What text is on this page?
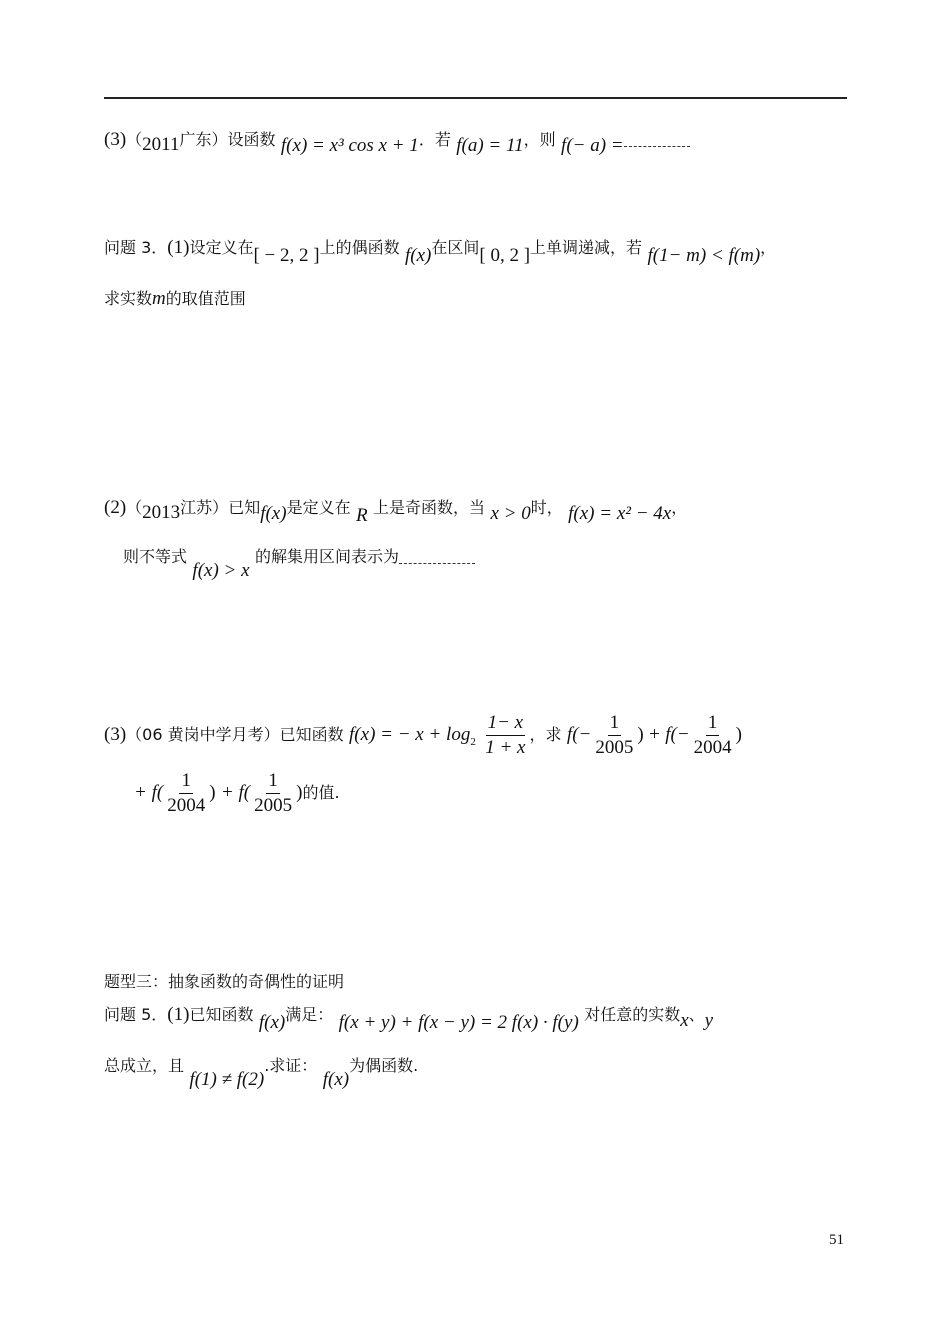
(3)（2011广东）设函数 f(x) = x³ cos x + 1．若 f(a) = 11，则 f(− a) =
问题 3．(1)设定义在[ − 2, 2 ]上的偶函数 f(x)在区间[ 0, 2 ]上单调递减，若 f(1− m) < f(m)，
求实数m的取值范围
(2)（2013江苏）已知f(x)是定义在 R 上是奇函数，当 x > 0时， f(x) = x² − 4x，
则不等式 f(x) > x 的解集用区间表示为
(3)（06 黄岗中学月考）已知函数 f(x) = − $x + \log_2 \frac{1- x}{1 + x}$ ，求 $f(- \frac{1}{2005}$ ) + $f(- \frac{1}{2004}$ )
+ $f( \frac{1}{2004}$ ) + $f( \frac{1}{2005}$ )的值.
题型三：抽象函数的奇偶性的证明
问题 5．(1)已知函数 f(x)满足： f(x + y) + f(x − y) = 2 f(x) · f(y) 对任意的实数x、y
总成立，且 f(1) ≠ f(2).求证： f(x)为偶函数.
51
